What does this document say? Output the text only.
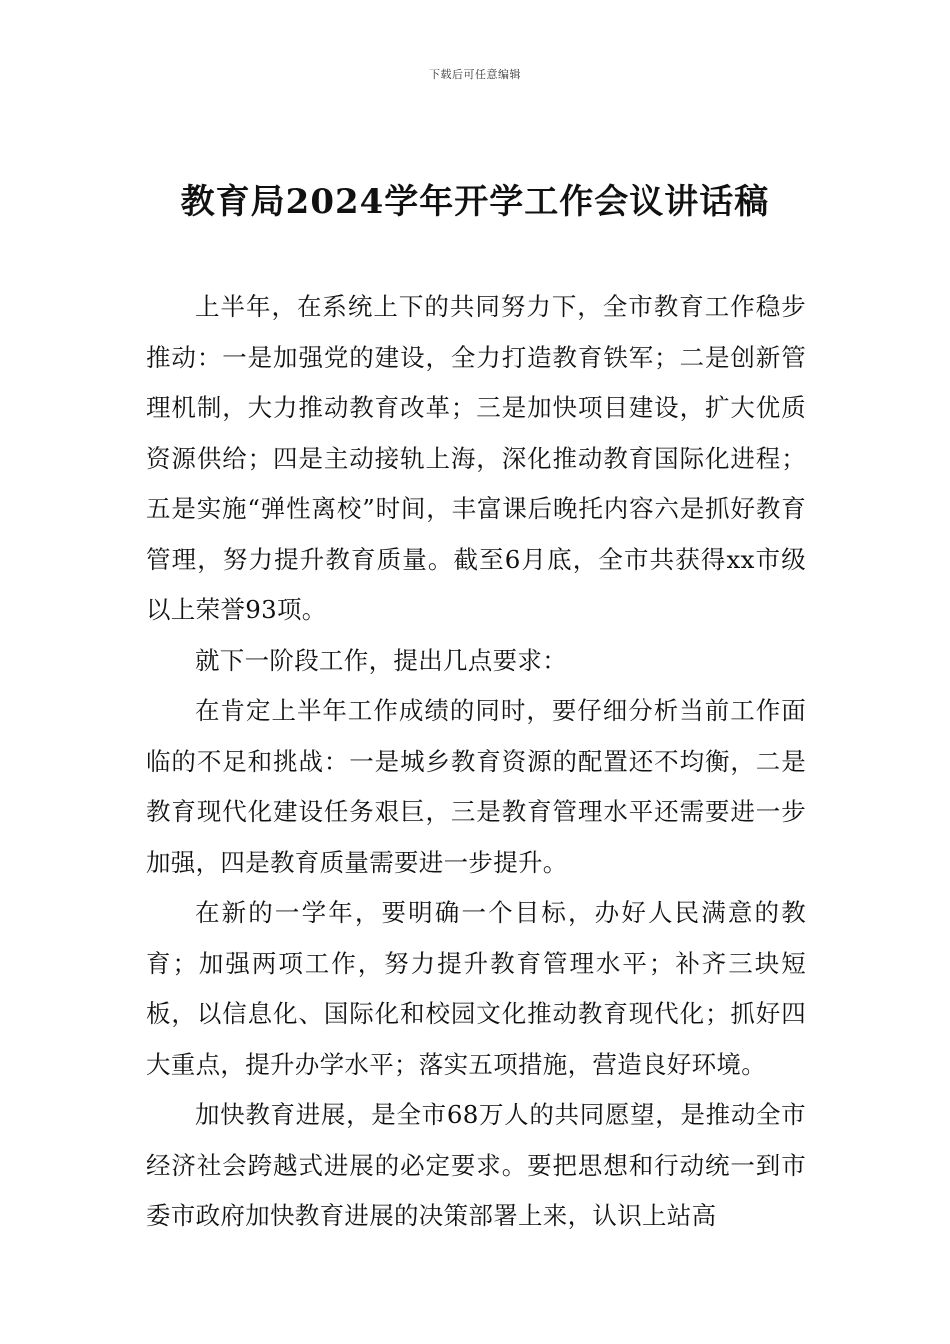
下载后可任意编辑
教育局2024学年开学工作会议讲话稿

上半年，在系统上下的共同努力下，全市教育工作稳步推动：一是加强党的建设，全力打造教育铁军；二是创新管理机制，大力推动教育改革；三是加快项目建设，扩大优质资源供给；四是主动接轨上海，深化推动教育国际化进程；五是实施“弹性离校”时间，丰富课后晚托内容六是抓好教育管理，努力提升教育质量。截至6月底，全市共获得xx市级以上荣誉93项。

就下一阶段工作，提出几点要求：

在肯定上半年工作成绩的同时，要仔细分析当前工作面临的不足和挑战：一是城乡教育资源的配置还不均衡，二是教育现代化建设任务艰巨，三是教育管理水平还需要进一步加强，四是教育质量需要进一步提升。

在新的一学年，要明确一个目标，办好人民满意的教育；加强两项工作，努力提升教育管理水平；补齐三块短板，以信息化、国际化和校园文化推动教育现代化；抓好四大重点，提升办学水平；落实五项措施，营造良好环境。

加快教育进展，是全市68万人的共同愿望，是推动全市经济社会跨越式进展的必定要求。要把思想和行动统一到市委市政府加快教育进展的决策部署上来，认识上站高
